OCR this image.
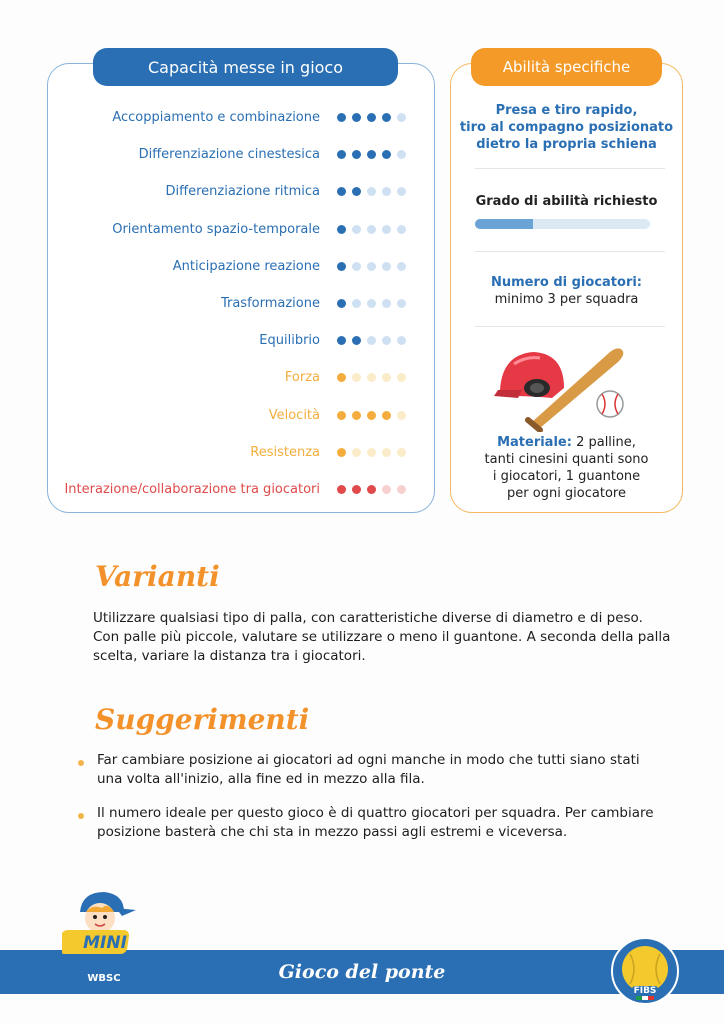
Capacità messe in gioco
Accoppiamento e combinazione
Differenziazione cinestesica
Differenziazione ritmica
Orientamento spazio-temporale
Anticipazione reazione
Trasformazione
Equilibrio
Forza
Velocità
Resistenza
Interazione/collaborazione tra giocatori
Abilità specifiche
Presa e tiro rapido,
tiro al compagno posizionato
dietro la propria schiena
Grado di abilità richiesto
Numero di giocatori:
minimo 3 per squadra
Materiale: 2 palline,
tanti cinesini quanti sono
i giocatori, 1 guantone
per ogni giocatore
Varianti
Utilizzare qualsiasi tipo di palla, con caratteristiche diverse di diametro e di peso.
Con palle più piccole, valutare se utilizzare o meno il guantone. A seconda della palla
scelta, variare la distanza tra i giocatori.
Suggerimenti
Far cambiare posizione ai giocatori ad ogni manche in modo che tutti siano stati
una volta all'inizio, alla fine ed in mezzo alla fila.
Il numero ideale per questo gioco è di quattro giocatori per squadra. Per cambiare
posizione basterà che chi sta in mezzo passi agli estremi e viceversa.
Gioco del ponte
MINI
WBSC
FIBS
